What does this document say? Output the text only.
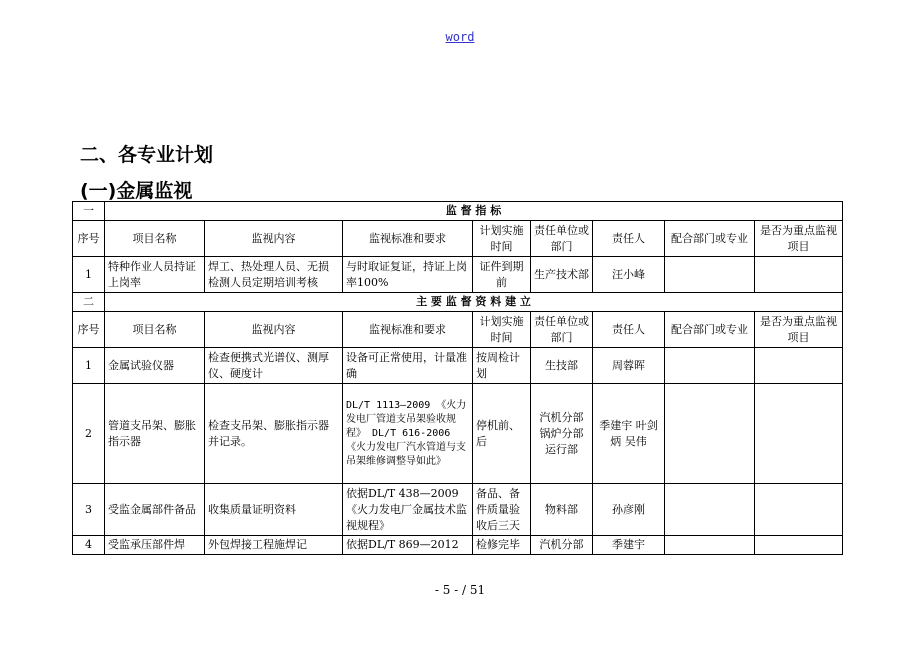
word
二、各专业计划
(一)金属监视
一	监 督 指 标							
序号	项目名称	监视内容	监视标准和要求	计划实施时间	责任单位或部门	责任人	配合部门或专业	是否为重点监视项目
1	特种作业人员持证上岗率	焊工、热处理人员、无损检测人员定期培训考核	与时取证复证，持证上岗率100%	证件到期前	生产技术部	汪小峰		
二	主 要 监 督 资 料 建 立							
序号	项目名称	监视内容	监视标准和要求	计划实施时间	责任单位或部门	责任人	配合部门或专业	是否为重点监视项目
1	金属试验仪器	检查便携式光谱仪、测厚仪、硬度计	设备可正常使用，计量准确	按周检计划	生技部	周蓉晖		
2	管道支吊架、膨胀指示器	检查支吊架、膨胀指示器并记录。	DL/T 1113—2009 《火力发电厂管道支吊架验收规程》 DL/T 616-2006《火力发电厂汽水管道与支吊架维修调整导如此》	停机前、后	汽机分部 锅炉分部 运行部	季建宇 叶剑炳 吴伟		
3	受监金属部件备品	收集质量证明资料	依据DL/T 438—2009《火力发电厂金属技术监视规程》	备品、备件质量验收后三天	物料部	孙彦刚		
4	受监承压部件焊	外包焊接工程施焊记	依据DL/T 869—2012	检修完毕	汽机分部	季建宇		
- 5 - / 51
